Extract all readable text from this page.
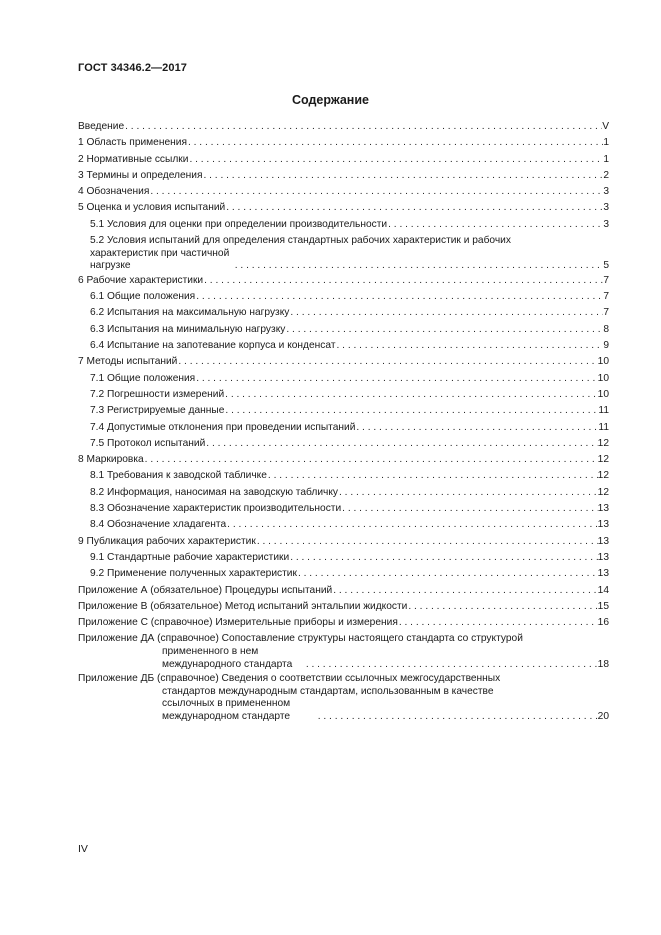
ГОСТ 34346.2—2017
Содержание
Введение . . .	V
1 Область применения . . .	1
2 Нормативные ссылки . . .	1
3 Термины и определения . . .	2
4 Обозначения . . .	3
5 Оценка и условия испытаний . . .	3
5.1 Условия для оценки при определении производительности . . .	3
5.2 Условия испытаний для определения стандартных рабочих характеристик и рабочих
характеристик при частичной нагрузке . . .	5
6 Рабочие характеристики . . .	7
6.1 Общие положения . . .	7
6.2 Испытания на максимальную нагрузку . . .	7
6.3 Испытания на минимальную нагрузку . . .	8
6.4 Испытание на запотевание корпуса и конденсат . . .	9
7 Методы испытаний . . .	10
7.1 Общие положения . . .	10
7.2 Погрешности измерений . . .	10
7.3 Регистрируемые данные . . .	11
7.4 Допустимые отклонения при проведении испытаний . . .	11
7.5 Протокол испытаний . . .	12
8 Маркировка . . .	12
8.1 Требования к заводской табличке . . .	12
8.2 Информация, наносимая на заводскую табличку . . .	12
8.3 Обозначение характеристик производительности . . .	13
8.4 Обозначение хладагента . . .	13
9 Публикация рабочих характеристик . . .	13
9.1 Стандартные рабочие характеристики . . .	13
9.2 Применение полученных характеристик . . .	13
Приложение А (обязательное) Процедуры испытаний . . .	14
Приложение В (обязательное) Метод испытаний энтальпии жидкости . . .	15
Приложение С (справочное) Измерительные приборы и измерения . . .	16
Приложение ДА (справочное) Сопоставление структуры настоящего стандарта со структурой
примененного в нем международного стандарта . . .	18
Приложение ДБ (справочное) Сведения о соответствии ссылочных межгосударственных
стандартов международным стандартам, использованным в качестве
ссылочных в примененном международном стандарте . . .	20
IV
